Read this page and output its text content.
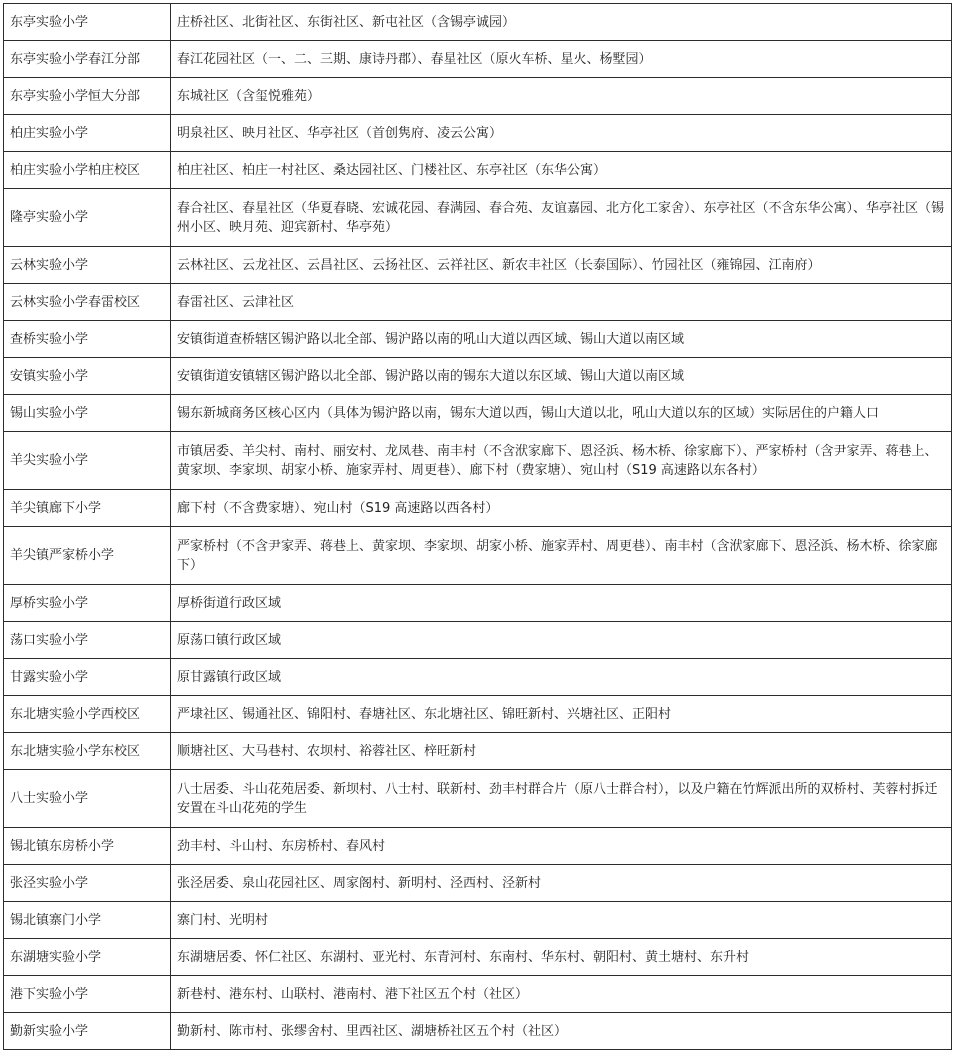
东亭实验小学	庄桥社区、北街社区、东街社区、新屯社区（含锡亭诚园）
东亭实验小学春江分部	春江花园社区（一、二、三期、康诗丹郡）、春星社区（原火车桥、星火、杨墅园）
东亭实验小学恒大分部	东城社区（含玺悦雅苑）
柏庄实验小学	明泉社区、映月社区、华亭社区（首创隽府、凌云公寓）
柏庄实验小学柏庄校区	柏庄社区、柏庄一村社区、桑达园社区、门楼社区、东亭社区（东华公寓）
隆亭实验小学	春合社区、春星社区（华夏春晓、宏诚花园、春满园、春合苑、友谊嘉园、北方化工家舍）、东亭社区（不含东华公寓）、华亭社区（锡州小区、映月苑、迎宾新村、华亭苑）
云林实验小学	云林社区、云龙社区、云昌社区、云扬社区、云祥社区、新农丰社区（长泰国际）、竹园社区（雍锦园、江南府）
云林实验小学春雷校区	春雷社区、云津社区
查桥实验小学	安镇街道查桥辖区锡沪路以北全部、锡沪路以南的吼山大道以西区域、锡山大道以南区域
安镇实验小学	安镇街道安镇辖区锡沪路以北全部、锡沪路以南的锡东大道以东区域、锡山大道以南区域
锡山实验小学	锡东新城商务区核心区内（具体为锡沪路以南，锡东大道以西，锡山大道以北，吼山大道以东的区域）实际居住的户籍人口
羊尖实验小学	市镇居委、羊尖村、南村、丽安村、龙凤巷、南丰村（不含洑家廊下、恩泾浜、杨木桥、徐家廊下）、严家桥村（含尹家弄、蒋巷上、黄家坝、李家坝、胡家小桥、施家弄村、周更巷）、廊下村（费家塘）、宛山村（S19 高速路以东各村）
羊尖镇廊下小学	廊下村（不含费家塘）、宛山村（S19 高速路以西各村）
羊尖镇严家桥小学	严家桥村（不含尹家弄、蒋巷上、黄家坝、李家坝、胡家小桥、施家弄村、周更巷）、南丰村（含洑家廊下、恩泾浜、杨木桥、徐家廊下）
厚桥实验小学	厚桥街道行政区域
荡口实验小学	原荡口镇行政区域
甘露实验小学	原甘露镇行政区域
东北塘实验小学西校区	严埭社区、锡通社区、锦阳村、春塘社区、东北塘社区、锦旺新村、兴塘社区、正阳村
东北塘实验小学东校区	顺塘社区、大马巷村、农坝村、裕蓉社区、梓旺新村
八士实验小学	八士居委、斗山花苑居委、新坝村、八士村、联新村、劲丰村群合片（原八士群合村），以及户籍在竹辉派出所的双桥村、芙蓉村拆迁安置在斗山花苑的学生
锡北镇东房桥小学	劲丰村、斗山村、东房桥村、春风村
张泾实验小学	张泾居委、泉山花园社区、周家阁村、新明村、泾西村、泾新村
锡北镇寨门小学	寨门村、光明村
东湖塘实验小学	东湖塘居委、怀仁社区、东湖村、亚光村、东青河村、东南村、华东村、朝阳村、黄土塘村、东升村
港下实验小学	新巷村、港东村、山联村、港南村、港下社区五个村（社区）
勤新实验小学	勤新村、陈市村、张缪舍村、里西社区、湖塘桥社区五个村（社区）
